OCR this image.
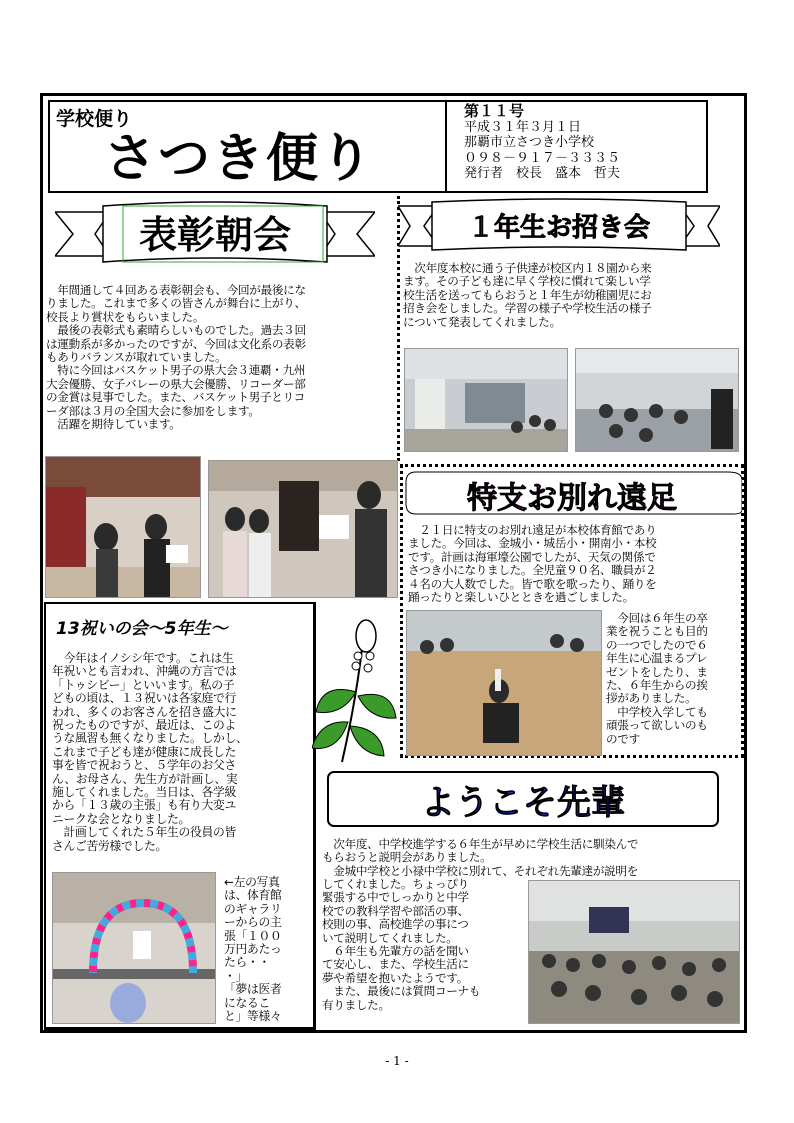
学校便り
さつき便り
第１１号
平成３１年３月１日
那覇市立さつき小学校
０９８－９１７－３３３５
発行者　校長　盛本　哲夫
表彰朝会
　年間通して４回ある表彰朝会も、今回が最後にな
りました。これまで多くの皆さんが舞台に上がり、
校長より賞状をもらいました。
　最後の表彰式も素晴らしいものでした。過去３回
は運動系が多かったのですが、今回は文化系の表彰
もありバランスが取れていました。
　特に今回はバスケット男子の県大会３連覇・九州
大会優勝、女子バレーの県大会優勝、リコーダー部
の金賞は見事でした。また、バスケット男子とリコ
ーダ部は３月の全国大会に参加をします。
　活躍を期待しています。
１年生お招き会
　次年度本校に通う子供達が校区内１８園から来
ます。その子ども達に早く学校に慣れて楽しい学
校生活を送ってもらおうと１年生が幼稚園児にお
招き会をしました。学習の様子や学校生活の様子
について発表してくれました。
特支お別れ遠足
　２１日に特支のお別れ遠足が本校体育館であり
ました。今回は、金城小・城岳小・開南小・本校
です。計画は海軍壕公園でしたが、天気の関係で
さつき小になりました。全児童９０名、職員が２
４名の大人数でした。皆で歌を歌ったり、踊りを
踊ったりと楽しいひとときを過ごしました。
　今回は６年生の卒
業を祝うことも目的
の一つでしたので６
年生に心温まるプレ
ゼントをしたり、ま
た、６年生からの挨
拶がありました。
　中学校入学しても
頑張って欲しいのも
のです
13祝いの会～5年生～
　今年はイノシシ年です。これは生
年祝いとも言われ、沖縄の方言では
「トゥシビー」といいます。私の子
どもの頃は、１３祝いは各家庭で行
われ、多くのお客さんを招き盛大に
祝ったものですが、最近は、このよ
うな風習も無くなりました。しかし、
これまで子ども達が健康に成長した
事を皆で祝おうと、５学年のお父さ
ん、お母さん、先生方が計画し、実
施してくれました。当日は、各学級
から「１３歳の主張」も有り大変ユ
ニークな会となりました。
　計画してくれた５年生の役員の皆
さんご苦労様でした。
←左の写真
は、体育館
のギャラリ
ーからの主
張「１００
万円あたっ
たら・・
・」
「夢は医者
になるこ
と」等様々
ようこそ先輩
　次年度、中学校進学する６年生が早めに学校生活に馴染んで
もらおうと説明会がありました。
　金城中学校と小禄中学校に別れて、それぞれ先輩達が説明を
してくれました。ちょっぴり
緊張する中でしっかりと中学
校での教科学習や部活の事、
校則の事、高校進学の事につ
いて説明してくれました。
　６年生も先輩方の話を聞い
て安心し、また、学校生活に
夢や希望を抱いたようです。
　また、最後には質問コーナも
有りました。
- 1 -
